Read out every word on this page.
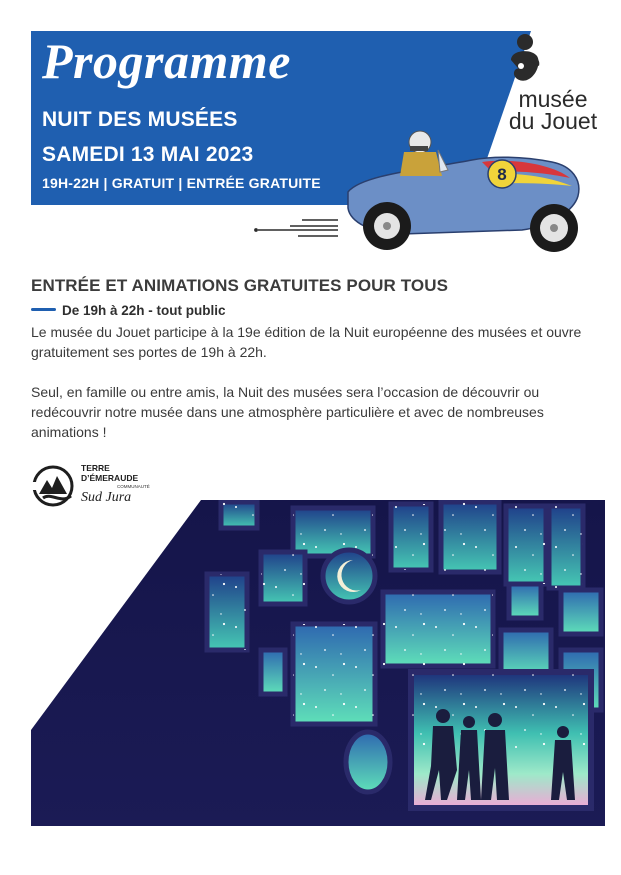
Programme

NUIT DES MUSÉES

SAMEDI 13 MAI 2023

19H-22H | GRATUIT | ENTRÉE GRATUITE

musée
du Jouet
8
ENTRÉE ET ANIMATIONS GRATUITES POUR TOUS
De 19h à 22h - tout public

Le musée du Jouet participe à la 19e édition de la Nuit européenne des musées et ouvre gratuitement ses portes de 19h à 22h.

Seul, en famille ou entre amis, la Nuit des musées sera l’occasion de découvrir ou redécouvrir notre musée dans une atmosphère particulière et avec de nombreuses animations !

TERRE
D’ÉMERAUDE
COMMUNAUTÉ
Sud Jura
